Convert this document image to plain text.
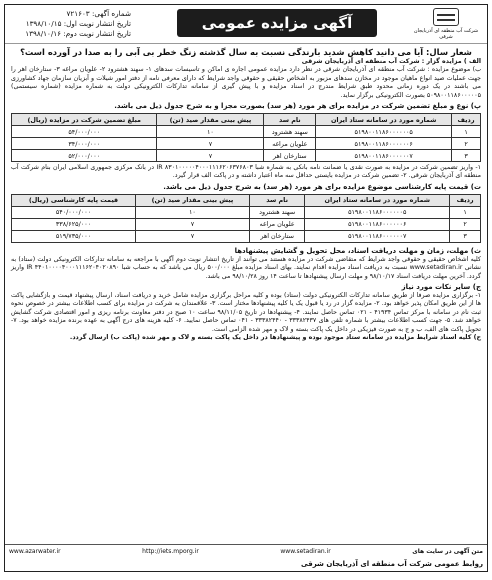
شرکت آب منطقه ای آذربایجان شرقی
آگهی مزایده عمومی
شماره آگهی: ۷۲۱۶۰۳
تاریخ انتشار نوبت اول: ۱۳۹۸/۱۰/۱۵
تاریخ انتشار نوبت دوم: ۱۳۹۸/۱۰/۱۶
شعار سال: آیا می دانید کاهش شدید بارندگی نسبت به سال گذشته زنگ خطر بی آبی را به صدا در آورده است؟
الف ) مزایده گزار : شرکت آب منطقه ای آذربایجان شرقی
ب) موضوع مزایده : شرکت آب منطقه ای آذربایجان شرقی در نظر دارد مزایده عمومی اجاره ی اماکن و تاسیسات سدهای ۱- سهند هشترود ۲- علویان مراغه ۳- ستارخان اهر را جهت عملیات صید انواع ماهیان موجود در مخازن سدهای مزبور به اشخاص حقیقی و حقوقی واجد شرایط که دارای معرفی نامه از دفتر امور شیلات و آبزیان سازمان جهاد کشاورزی می باشند در یک دوره زمانی محدود طبق شرایط مندرج در اسناد مزایده و با پیش گیری از سامانه تدارکات الکترونیکی دولت به شماره مزایده (شماره سیستمی) ۵۰۹۸۰۰۱۱۸۶۰۰۰۰۰۵ بصورت الکترونیکی برگزار نماید.
پ) نوع و مبلغ تضمین شرکت در مزایده برای هر مورد (هر سد) بصورت مجزا و به شرح جدول ذیل می باشد.
ردیف	شماره مورد در سامانه ستاد ایران	نام سد	پیش بینی مقدار صید (تن)	مبلغ تضمین شرکت در مزایده (ریال)
۱	۵۱۹۸۰۰۱۱۸۶۰۰۰۰۰۰۵	سهند هشترود	۱۰	۵۴/۰۰۰/۰۰۰
۲	۵۱۹۸۰۰۱۱۸۶۰۰۰۰۰۰۶	علویان مراغه	۷	۳۴/۰۰۰/۰۰۰
۳	۵۱۹۸۰۰۱۱۸۶۰۰۰۰۰۰۷	ستارخان اهر	۷	۵۲/۰۰۰/۰۰۰
۱- واریز تضمین شرکت در مزایده به صورت نقدی یا ضمانت نامه بانکی به شماره شبا IR ۸۳۰۱۰۰۰۰۰۴۰۰۰۱۱۱۶۲۰۶۳۷۶۸۰۳ در بانک مرکزی جمهوری اسلامی ایران بنام شرکت آب منطقه ای آذربایجان شرقی. ۲- تضمین شرکت در مزایده بایستی حداقل سه ماه اعتبار داشته و در پاکت الف قرار گیرد.
ت) قیمت پایه کارشناسی موضوع مزایده برای هر مورد (هر سد) به شرح جدول ذیل می باشد.
ردیف	شماره مورد در سامانه ستاد ایران	نام سد	پیش بینی مقدار صید (تن)	قیمت پایه کارشناسی (ریال)
۱	۵۱۹۸۰۰۱۱۸۶۰۰۰۰۰۰۵	سهند هشترود	۱۰	۵۴۰/۰۰۰/۰۰۰
۲	۵۱۹۸۰۰۱۱۸۶۰۰۰۰۰۰۶	علویان مراغه	۷	۳۳۸/۶۲۵/۰۰۰
۳	۵۱۹۸۰۰۱۱۸۶۰۰۰۰۰۰۷	ستارخان اهر	۷	۵۱۹/۷۳۵/۰۰۰
ث) مهلت، زمان و مهلت دریافت اسناد، محل تحویل و گشایش پیشنهادها
کلیه اشخاص حقیقی و حقوقی واجد شرایط که متقاضی شرکت در مزایده هستند می توانند از تاریخ انتشار نوبت دوم آگهی با مراجعه به سامانه تدارکات الکترونیکی دولت (ستاد) به نشانی www.setadiran.ir نسبت به دریافت اسناد مزایده اقدام نمایند. بهای اسناد مزایده مبلغ ۵۰۰/۰۰۰ ریال می باشد که به حساب شبا IR ۴۴۰۱۰۰۰۰۴۰۰۰۱۱۱۶۲۰۴۰۲۰۸۹۰ واریز گردد. آخرین مهلت دریافت اسناد ۹۸/۱۰/۱۷ و مهلت ارسال پیشنهادها تا ساعت ۱۴ روز ۹۸/۱۰/۲۸ می باشد.
ج) سایر نکات مورد نیاز
۱- برگزاری مزایده صرفا از طریق سامانه تدارکات الکترونیکی دولت (ستاد) بوده و کلیه مراحل برگزاری مزایده شامل خرید و دریافت اسناد، ارسال پیشنهاد قیمت و بازگشایی پاکت ها از این طریق امکان پذیر خواهد بود. ۲- مزایده گزار در رد یا قبول یک یا کلیه پیشنهادها مختار است. ۳- علاقمندان به شرکت در مزایده برای کسب اطلاعات بیشتر در خصوص نحوه ثبت نام در سامانه با مرکز تماس ۴۱۹۳۴ - ۰۲۱ تماس حاصل نمایند. ۴- پیشنهادها در تاریخ ۹۸/۱۱/۰۵ ساعت ۱۰ صبح در دفتر معاونت برنامه ریزی و امور اقتصادی شرکت گشایش خواهد شد. ۵- جهت کسب اطلاعات بیشتر با شماره تلفن های ۳۳۳۸۲۴۳۷ - ۳۳۳۸۲۴۴۰ - ۰۴۱ تماس حاصل نمایید. ۶- کلیه هزینه های درج آگهی به عهده برنده مزایده خواهد بود. ۷- تحویل پاکت های الف، ب و ج به صورت فیزیکی در داخل یک پاکت بسته و لاک و مهر شده الزامی است.
ح) کلیه اسناد شرایط مزایده در سامانه ستاد موجود بوده و پیشنهادها در داخل یک پاکت بسته و لاک و مهر شده (پاکت ب) ارسال گردد.
www.azarwater.ir	http://iets.mporg.ir	www.setadiran.ir	متن آگهی در سایت های
روابط عمومی شرکت آب منطقه ای آذربایجان شرقی
